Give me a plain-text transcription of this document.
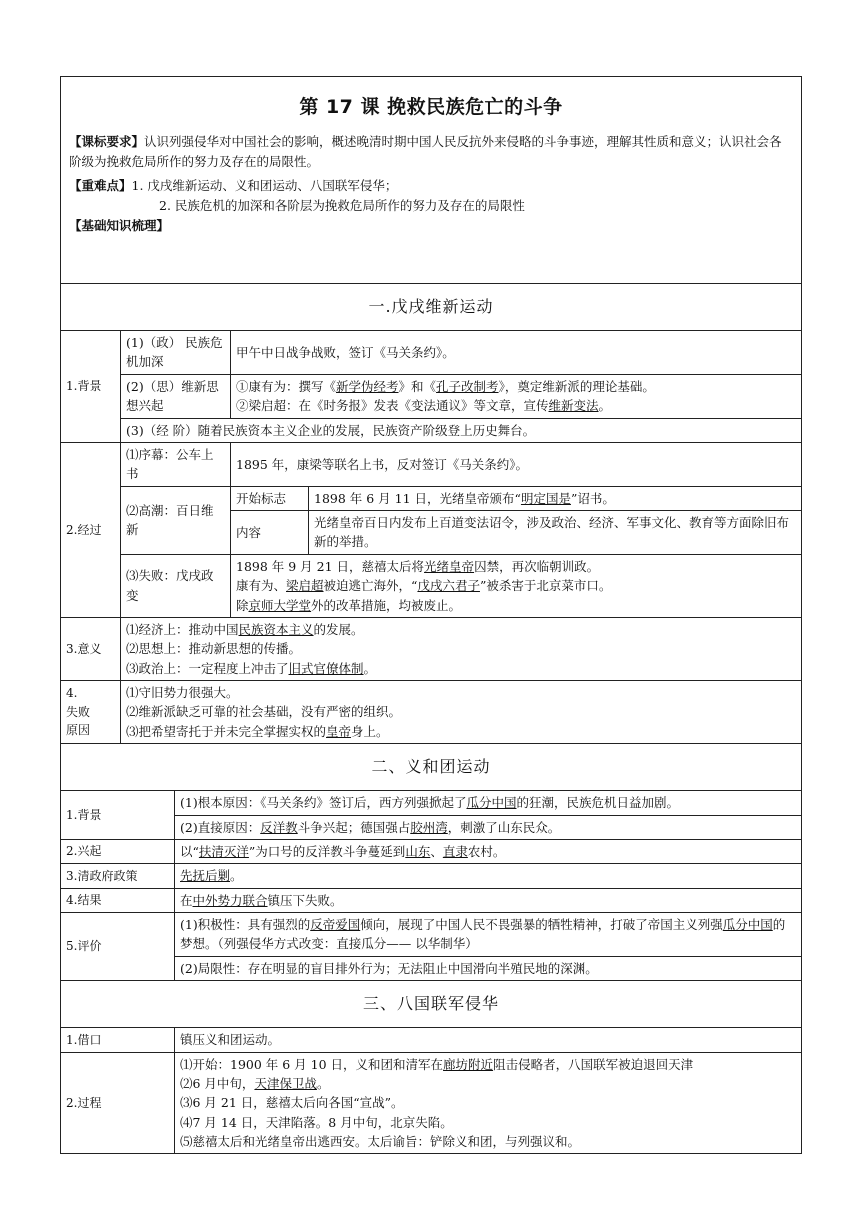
第 17 课 挽救民族危亡的斗争

【课标要求】认识列强侵华对中国社会的影响，概述晚清时期中国人民反抗外来侵略的斗争事迹，理解其性质和意义；认识社会各阶级为挽救危局所作的努力及存在的局限性。

【重难点】1. 戊戌维新运动、义和团运动、八国联军侵华；

2. 民族危机的加深和各阶层为挽救危局所作的努力及存在的局限性

【基础知识梳理】				

一.戊戌维新运动				
1.背景	(1)（政） 民族危机加深		甲午中日战争战败，签订《马关条约》。	
	(2)（思）维新思想兴起		①康有为：撰写《新学伪经考》和《孔子改制考》，奠定维新派的理论基础。
②梁启超：在《时务报》发表《变法通议》等文章，宣传维新变法。	

	(3)（经 阶）随着民族资本主义企业的发展，民族资产阶级登上历史舞台。			
2.经过	⑴序幕：公车上书		1895 年，康梁等联名上书，反对签订《马关条约》。	
	⑵高潮：百日维新		开始标志	1898 年 6 月 11 日，光绪皇帝颁布“明定国是”诏书。
			内容	光绪皇帝百日内发布上百道变法诏令，涉及政治、经济、军事文化、教育等方面除旧布新的举措。
	⑶失败：戊戌政变		1898 年 9 月 21 日，慈禧太后将光绪皇帝囚禁，再次临朝训政。
康有为、梁启超被迫逃亡海外，“戊戌六君子”被杀害于北京菜市口。
除京师大学堂外的改革措施，均被废止。	

3.意义	⑴经济上：推动中国民族资本主义的发展。
⑵思想上：推动新思想的传播。
⑶政治上：一定程度上冲击了旧式官僚体制。			

4.
失败
原因	⑴守旧势力很强大。
⑵维新派缺乏可靠的社会基础，没有严密的组织。
⑶把希望寄托于并未完全掌握实权的皇帝身上。			

二、义和团运动				
1.背景		(1)根本原因：《马关条约》签订后，西方列强掀起了瓜分中国的狂潮，民族危机日益加剧。		
		(2)直接原因：反洋教斗争兴起；德国强占胶州湾，刺激了山东民众。		
2.兴起		以“扶清灭洋”为口号的反洋教斗争蔓延到山东、直隶农村。		
3.清政府政策		先抚后剿。		
4.结果		在中外势力联合镇压下失败。		
5.评价		(1)积极性：具有强烈的反帝爱国倾向，展现了中国人民不畏强暴的牺牲精神，打破了帝国主义列强瓜分中国的梦想。（列强侵华方式改变：直接瓜分—— 以华制华）		
		(2)局限性：存在明显的盲目排外行为；无法阻止中国滑向半殖民地的深渊。		
三、八国联军侵华				
1.借口		镇压义和团运动。		
2.过程		⑴开始：1900 年 6 月 10 日，义和团和清军在廊坊附近阻击侵略者，八国联军被迫退回天津
⑵6 月中旬，天津保卫战。
⑶6 月 21 日，慈禧太后向各国“宣战”。
⑷7 月 14 日，天津陷落。8 月中旬，北京失陷。
⑸慈禧太后和光绪皇帝出逃西安。太后谕旨：铲除义和团，与列强议和。		
